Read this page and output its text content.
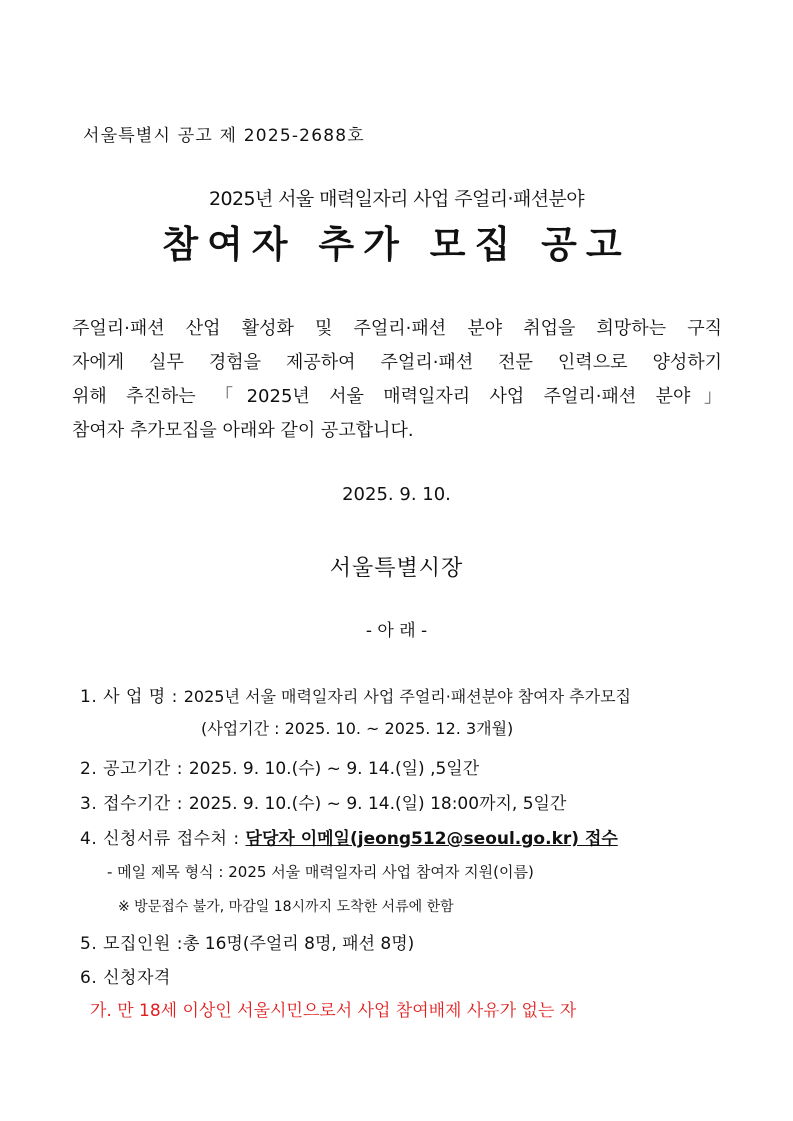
서울특별시 공고 제 2025-2688호
2025년 서울 매력일자리 사업 주얼리·패션분야
참여자 추가 모집 공고
주얼리·패션 산업 활성화 및 주얼리·패션 분야 취업을 희망하는 구직
자에게 실무 경험을 제공하여 주얼리·패션 전문 인력으로 양성하기
위해 추진하는 「2025년 서울 매력일자리 사업 주얼리·패션 분야」
참여자 추가모집을 아래와 같이 공고합니다.
2025. 9. 10.
서울특별시장
- 아 래 -
1. 사 업 명 : 2025년 서울 매력일자리 사업 주얼리·패션분야 참여자 추가모집
(사업기간 : 2025. 10. ~ 2025. 12. 3개월)
2. 공고기간 : 2025. 9. 10.(수) ~ 9. 14.(일) ,5일간
3. 접수기간 : 2025. 9. 10.(수) ~ 9. 14.(일) 18:00까지, 5일간
4. 신청서류 접수처 : 담당자 이메일(jeong512@seoul.go.kr) 접수
- 메일 제목 형식 : 2025 서울 매력일자리 사업 참여자 지원(이름)
※ 방문접수 불가, 마감일 18시까지 도착한 서류에 한함
5. 모집인원 :총 16명(주얼리 8명, 패션 8명)
6. 신청자격
가. 만 18세 이상인 서울시민으로서 사업 참여배제 사유가 없는 자
